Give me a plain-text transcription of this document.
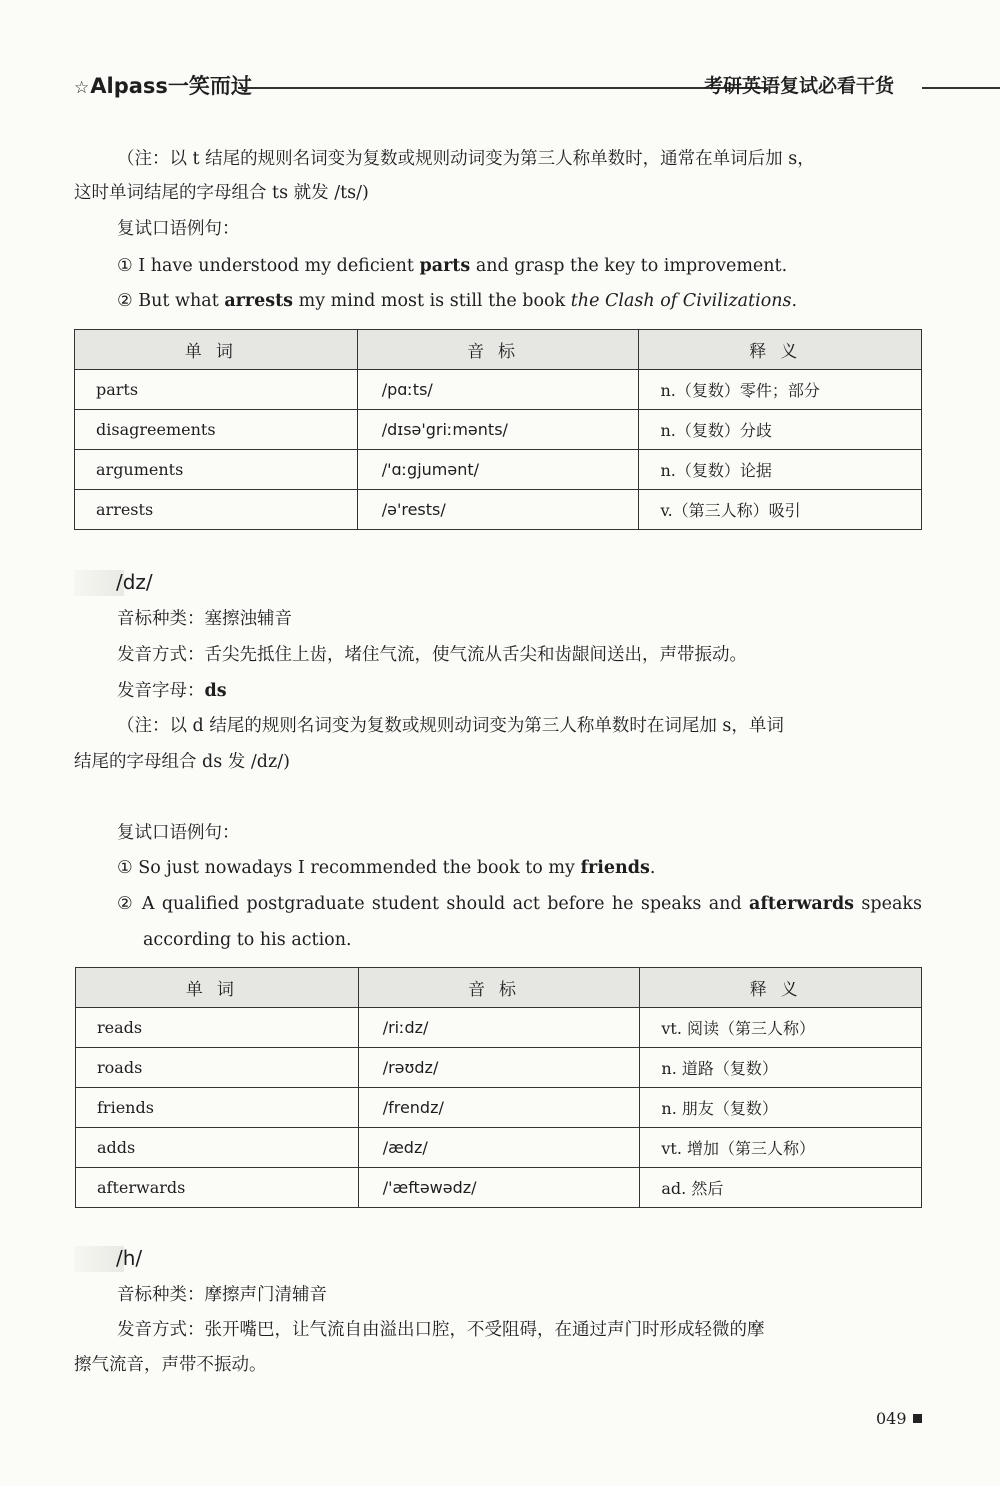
☆Alpass一笑而过	考研英语复试必看干货
（注：以 t 结尾的规则名词变为复数或规则动词变为第三人称单数时，通常在单词后加 s，
这时单词结尾的字母组合 ts 就发 /ts/)
复试口语例句：
① I have understood my deficient parts and grasp the key to improvement.
② But what arrests my mind most is still the book the Clash of Civilizations.
单词	音标	释义
parts	/pɑːts/	n.（复数）零件；部分
disagreements	/dɪsə'griːmənts/	n.（复数）分歧
arguments	/'ɑːgjumənt/	n.（复数）论据
arrests	/ə'rests/	v.（第三人称）吸引
/dz/
音标种类：塞擦浊辅音
发音方式：舌尖先抵住上齿，堵住气流，使气流从舌尖和齿龈间送出，声带振动。
发音字母：ds
（注：以 d 结尾的规则名词变为复数或规则动词变为第三人称单数时在词尾加 s，单词
结尾的字母组合 ds 发 /dz/)
复试口语例句：
① So just nowadays I recommended the book to my friends.
② A qualified postgraduate student should act before he speaks and afterwards speaks
according to his action.
单词	音标	释义
reads	/riːdz/	vt. 阅读（第三人称）
roads	/rəʊdz/	n. 道路（复数）
friends	/frendz/	n. 朋友（复数）
adds	/ædz/	vt. 增加（第三人称）
afterwards	/'æftəwədz/	ad. 然后
/h/
音标种类：摩擦声门清辅音
发音方式：张开嘴巴，让气流自由溢出口腔，不受阻碍，在通过声门时形成轻微的摩
擦气流音，声带不振动。
049
